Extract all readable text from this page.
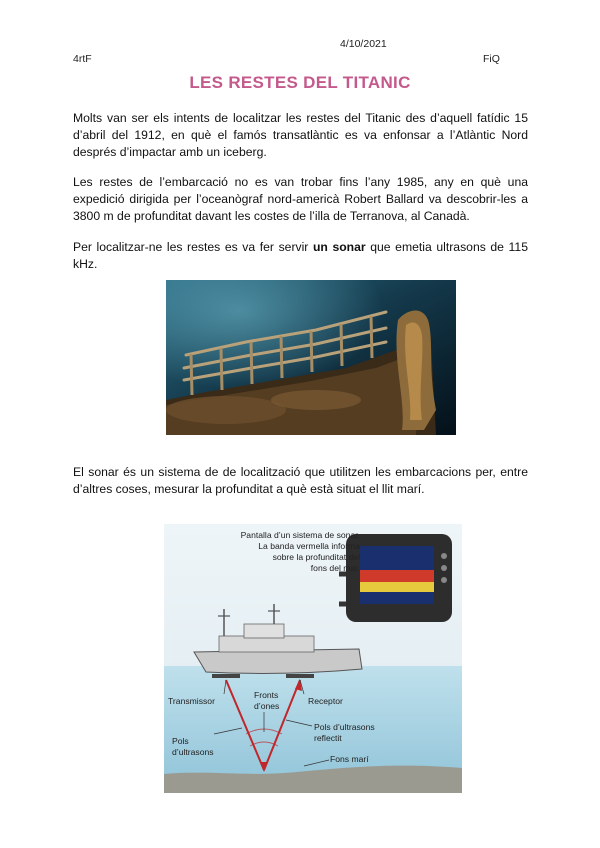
4/10/2021
4rtF	FiQ
LES RESTES DEL TITANIC

Molts van ser els intents de localitzar les restes del Titanic des d’aquell fatídic 15 d’abril del 1912, en què el famós transatlàntic es va enfonsar a l’Atlàntic Nord després d’impactar amb un iceberg.

Les restes de l’embarcació no es van trobar fins l’any 1985, any en què una expedició dirigida per l’oceanògraf nord-americà Robert Ballard va descobrir-les a 3800 m de profunditat davant les costes de l’illa de Terranova, al Canadà.

Per localitzar-ne les restes es va fer servir un sonar que emetia ultrasons de 115 kHz.

El sonar és un sistema de de localització que utilitzen les embarcacions per, entre d’altres coses, mesurar la profunditat a què està situat el llit marí.

Pantalla d’un sistema de sonar.
La banda vermella informa
sobre la profunditat del
fons del mar.
Transmissor
Fronts
d’ones	Receptor
Pols
d’ultrasons
Pols d’ultrasons
reflectit
Fons marí
